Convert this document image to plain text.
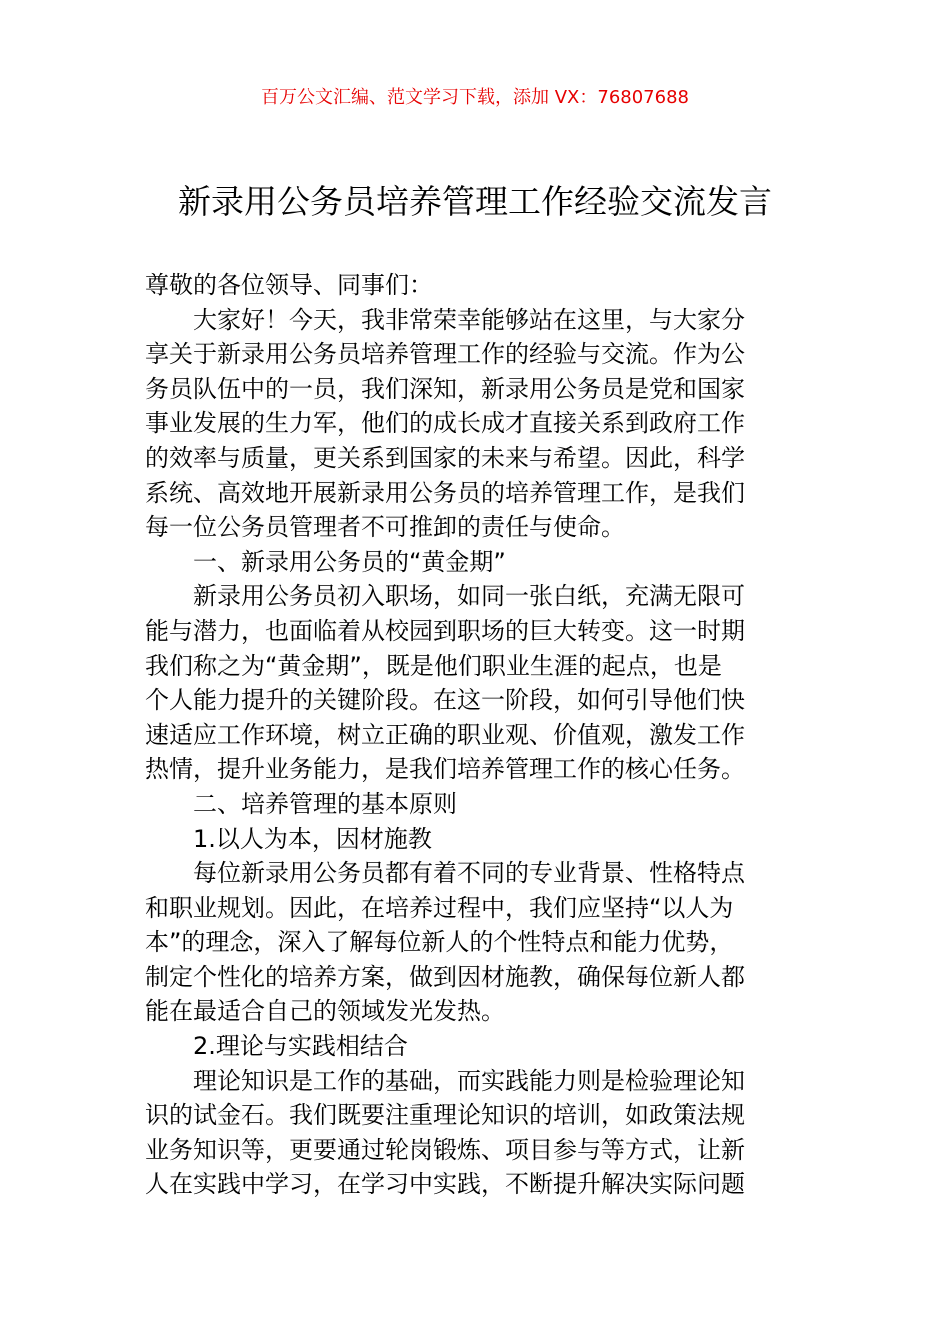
百万公文汇编、范文学习下载，添加 VX：76807688
新录用公务员培养管理工作经验交流发言
尊敬的各位领导、同事们：
大家好！今天，我非常荣幸能够站在这里，与大家分
享关于新录用公务员培养管理工作的经验与交流。作为公
务员队伍中的一员，我们深知，新录用公务员是党和国家
事业发展的生力军，他们的成长成才直接关系到政府工作
的效率与质量，更关系到国家的未来与希望。因此，科学
系统、高效地开展新录用公务员的培养管理工作，是我们
每一位公务员管理者不可推卸的责任与使命。
一、新录用公务员的“黄金期”
新录用公务员初入职场，如同一张白纸，充满无限可
能与潜力，也面临着从校园到职场的巨大转变。这一时期
我们称之为“黄金期”，既是他们职业生涯的起点，也是
个人能力提升的关键阶段。在这一阶段，如何引导他们快
速适应工作环境，树立正确的职业观、价值观，激发工作
热情，提升业务能力，是我们培养管理工作的核心任务。
二、培养管理的基本原则
1.以人为本，因材施教
每位新录用公务员都有着不同的专业背景、性格特点
和职业规划。因此，在培养过程中，我们应坚持“以人为
本”的理念，深入了解每位新人的个性特点和能力优势，
制定个性化的培养方案，做到因材施教，确保每位新人都
能在最适合自己的领域发光发热。
2.理论与实践相结合
理论知识是工作的基础，而实践能力则是检验理论知
识的试金石。我们既要注重理论知识的培训，如政策法规
业务知识等，更要通过轮岗锻炼、项目参与等方式，让新
人在实践中学习，在学习中实践，不断提升解决实际问题
